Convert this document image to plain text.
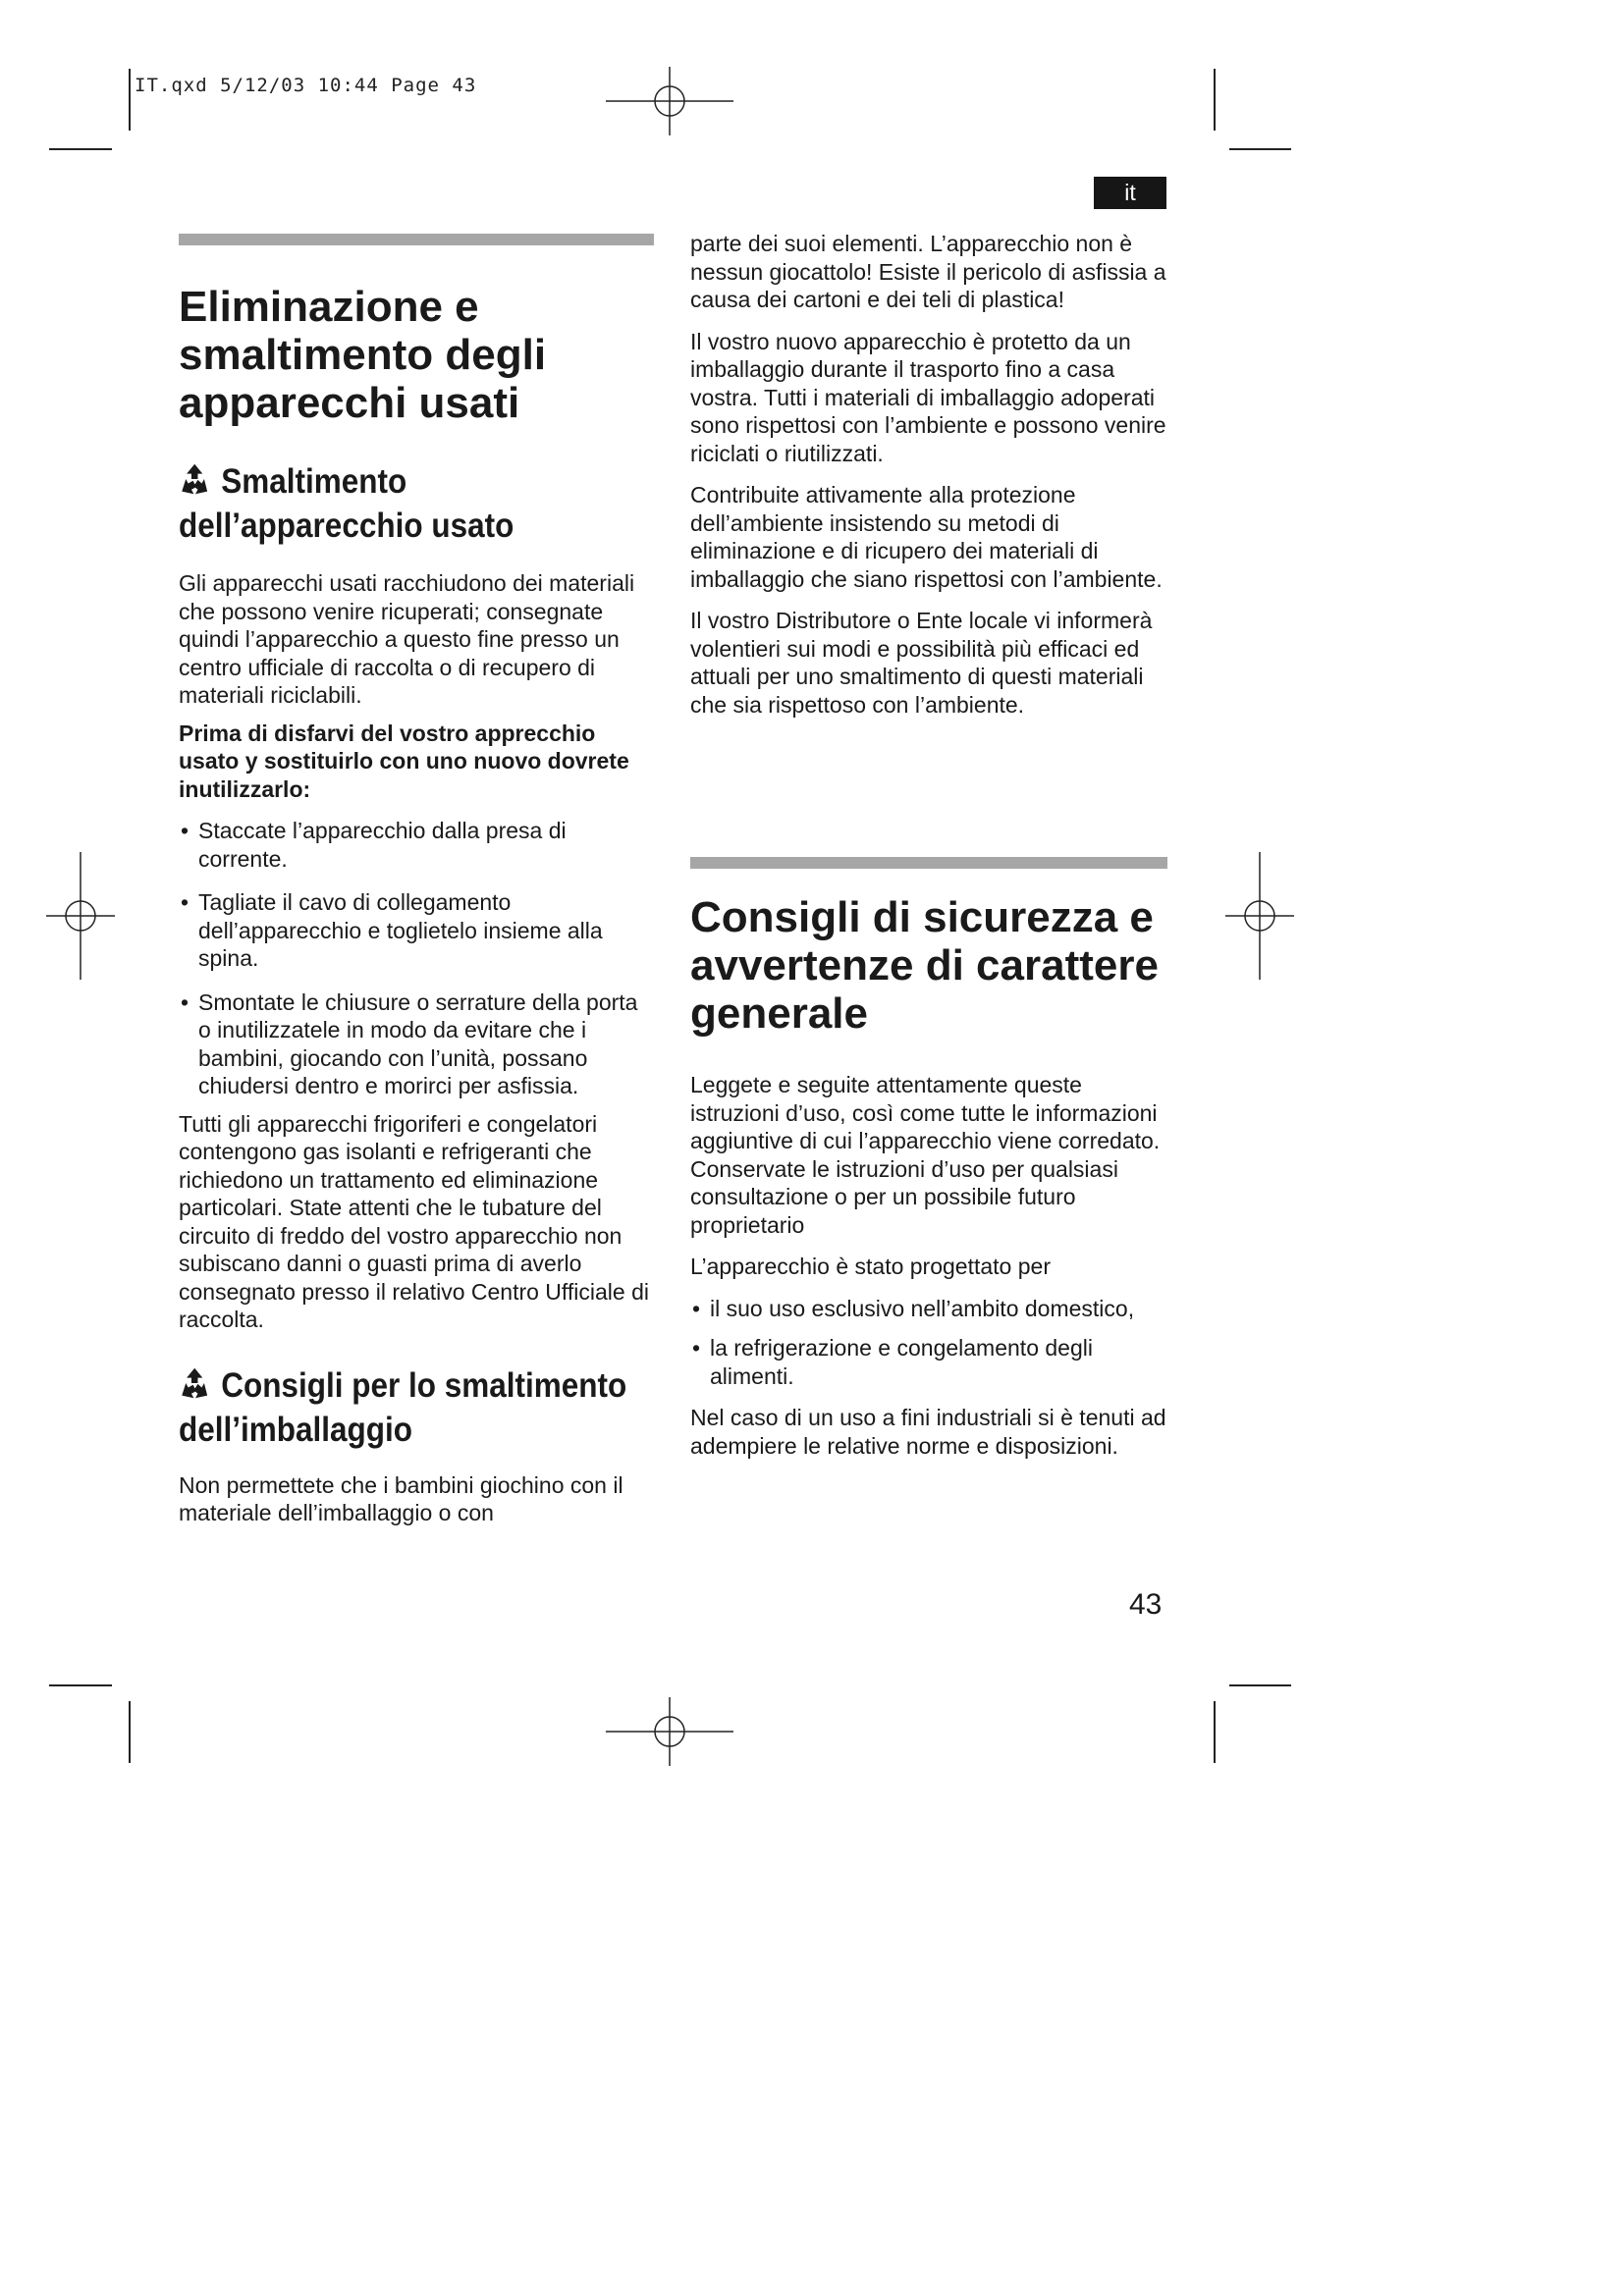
IT.qxd 5/12/03 10:44 Page 43
it
Eliminazione e smaltimento degli apparecchi usati
Smaltimento dell’apparecchio usato

Gli apparecchi usati racchiudono dei materiali che possono venire ricuperati; consegnate quindi l’apparecchio a questo fine presso un centro ufficiale di raccolta o di recupero di materiali riciclabili.

Prima di disfarvi del vostro apprecchio usato y sostituirlo con uno nuovo dovrete inutilizzarlo:

• Staccate l’apparecchio dalla presa di corrente.
• Tagliate il cavo di collegamento dell’apparecchio e toglietelo insieme alla spina.
• Smontate le chiusure o serrature della porta o inutilizzatele in modo da evitare che i bambini, giocando con l’unità, possano chiudersi dentro e morirci per asfissia.

Tutti gli apparecchi frigoriferi e congelatori contengono gas isolanti e refrigeranti che richiedono un trattamento ed eliminazione particolari. State attenti che le tubature del circuito di freddo del vostro apparecchio non subiscano danni o guasti prima di averlo consegnato presso il relativo Centro Ufficiale di raccolta.

Consigli per lo smaltimento dell’imballaggio

Non permettete che i bambini giochino con il materiale dell’imballaggio o con

parte dei suoi elementi. L’apparecchio non è nessun giocattolo! Esiste il pericolo di asfissia a causa dei cartoni e dei teli di plastica!

Il vostro nuovo apparecchio è protetto da un imballaggio durante il trasporto fino a casa vostra. Tutti i materiali di imballaggio adoperati sono rispettosi con l’ambiente e possono venire riciclati o riutilizzati.

Contribuite attivamente alla protezione dell’ambiente insistendo su metodi di eliminazione e di ricupero dei materiali di imballaggio che siano rispettosi con l’ambiente.

Il vostro Distributore o Ente locale vi informerà volentieri sui modi e possibilità più efficaci ed attuali per uno smaltimento di questi materiali che sia rispettoso con l’ambiente.

Consigli di sicurezza e avvertenze di carattere generale

Leggete e seguite attentamente queste istruzioni d’uso, così come tutte le informazioni aggiuntive di cui l’apparecchio viene corredato. Conservate le istruzioni d’uso per qualsiasi consultazione o per un possibile futuro proprietario

L’apparecchio è stato progettato per

• il suo uso esclusivo nell’ambito domestico,
• la refrigerazione e congelamento degli alimenti.

Nel caso di un uso a fini industriali si è tenuti ad adempiere le relative norme e disposizioni.

43
